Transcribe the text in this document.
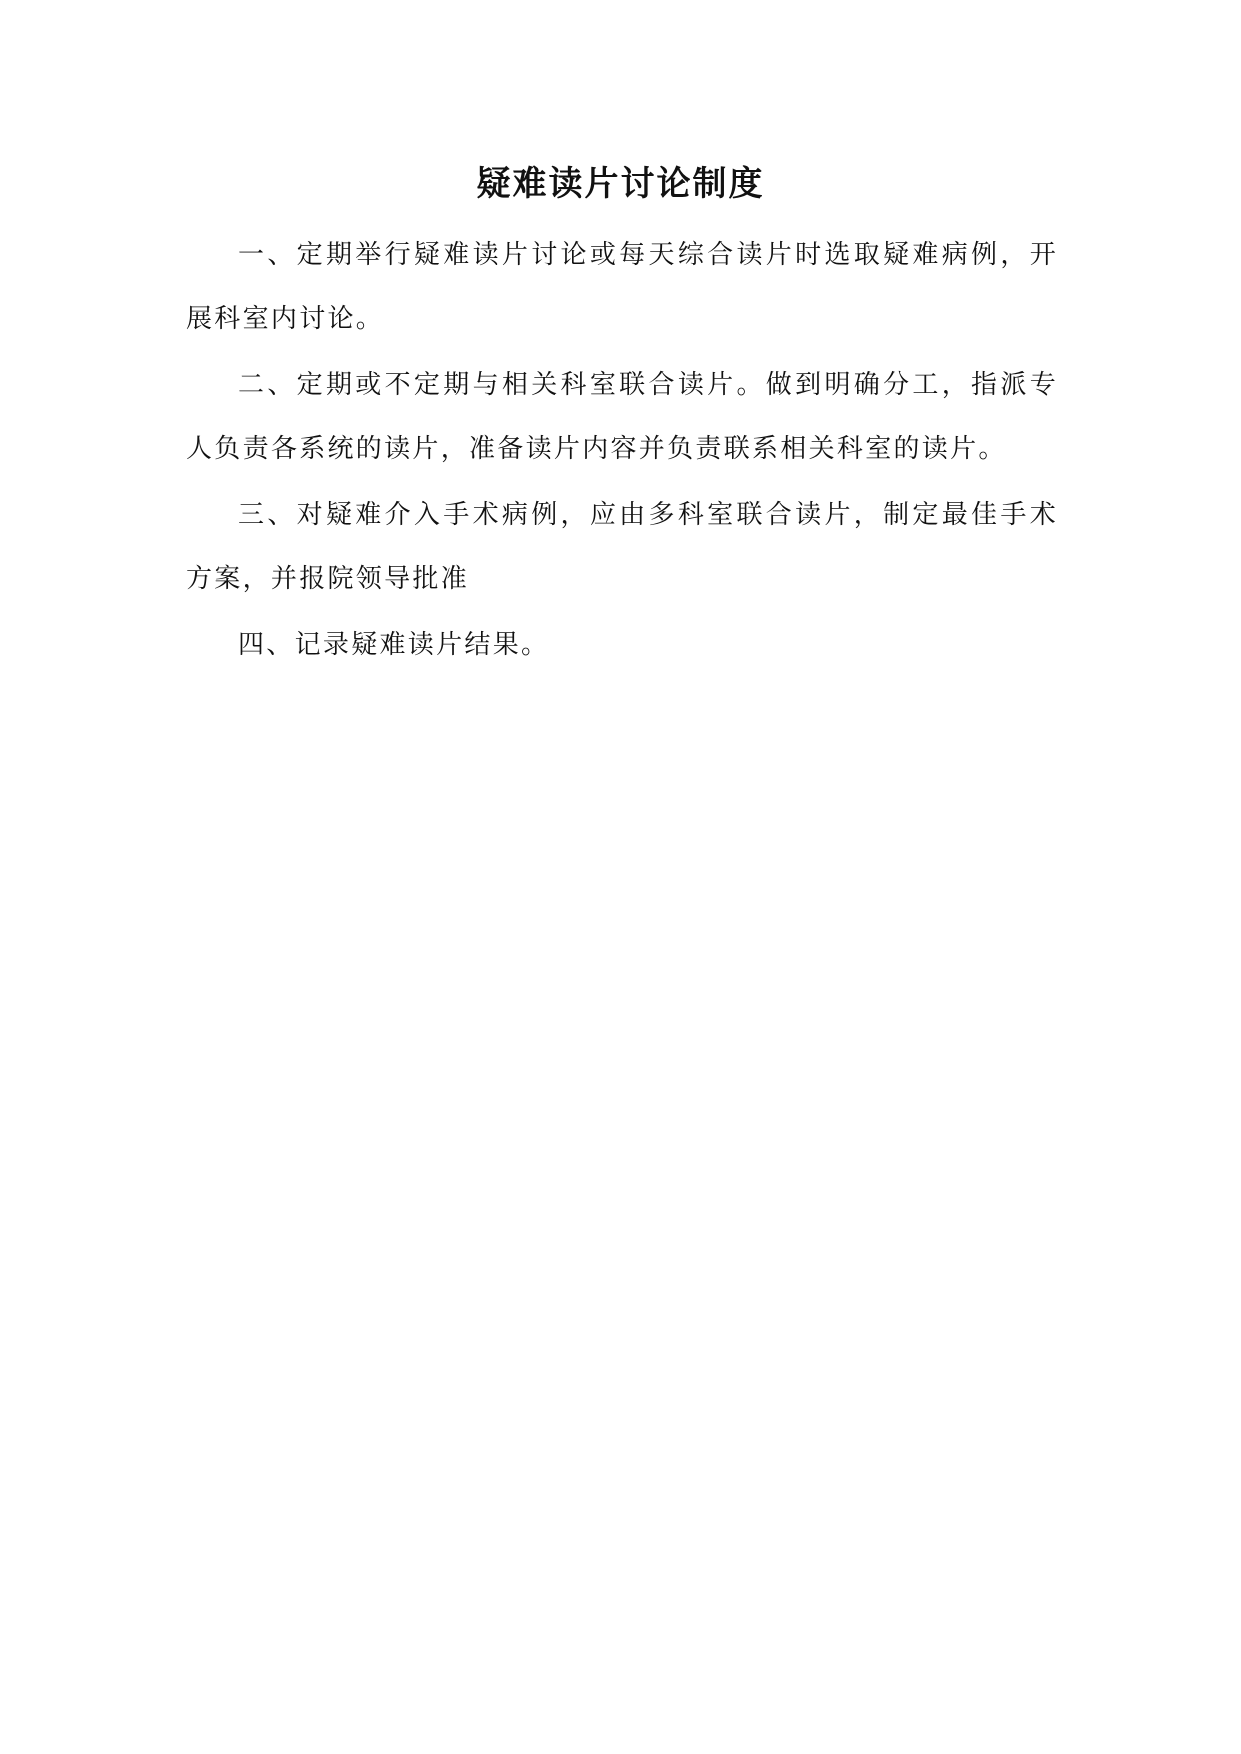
疑难读片讨论制度

一、定期举行疑难读片讨论或每天综合读片时选取疑难病例，开展科室内讨论。

二、定期或不定期与相关科室联合读片。做到明确分工，指派专人负责各系统的读片，准备读片内容并负责联系相关科室的读片。

三、对疑难介入手术病例，应由多科室联合读片，制定最佳手术方案，并报院领导批准

四、记录疑难读片结果。
